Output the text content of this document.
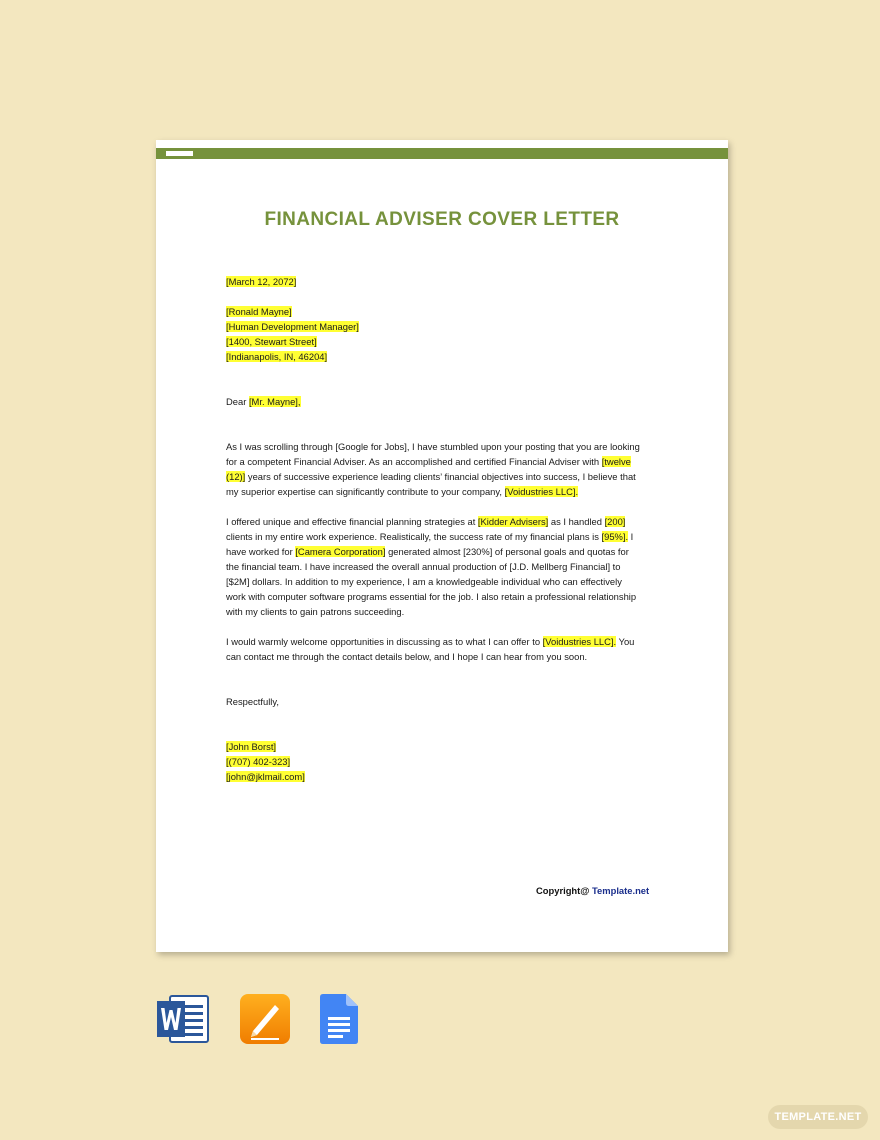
FINANCIAL ADVISER COVER LETTER
[March 12, 2072]
[Ronald Mayne]
[Human Development Manager]
[1400, Stewart Street]
[Indianapolis, IN, 46204]
Dear [Mr. Mayne],
As I was scrolling through [Google for Jobs], I have stumbled upon your posting that you are looking
for a competent Financial Adviser. As an accomplished and certified Financial Adviser with [twelve
(12)] years of successive experience leading clients’ financial objectives into success, I believe that
my superior expertise can significantly contribute to your company, [Voidustries LLC].
I offered unique and effective financial planning strategies at [Kidder Advisers] as I handled [200]
clients in my entire work experience. Realistically, the success rate of my financial plans is [95%]. I
have worked for [Camera Corporation] generated almost [230%] of personal goals and quotas for
the financial team. I have increased the overall annual production of [J.D. Mellberg Financial] to
[$2M] dollars. In addition to my experience, I am a knowledgeable individual who can effectively
work with computer software programs essential for the job. I also retain a professional relationship
with my clients to gain patrons succeeding.
I would warmly welcome opportunities in discussing as to what I can offer to [Voidustries LLC]. You
can contact me through the contact details below, and I hope I can hear from you soon.
Respectfully,
[John Borst]
[(707) 402-323]
[john@jklmail.com]
Copyright@ Template.net
TEMPLATE.NET
